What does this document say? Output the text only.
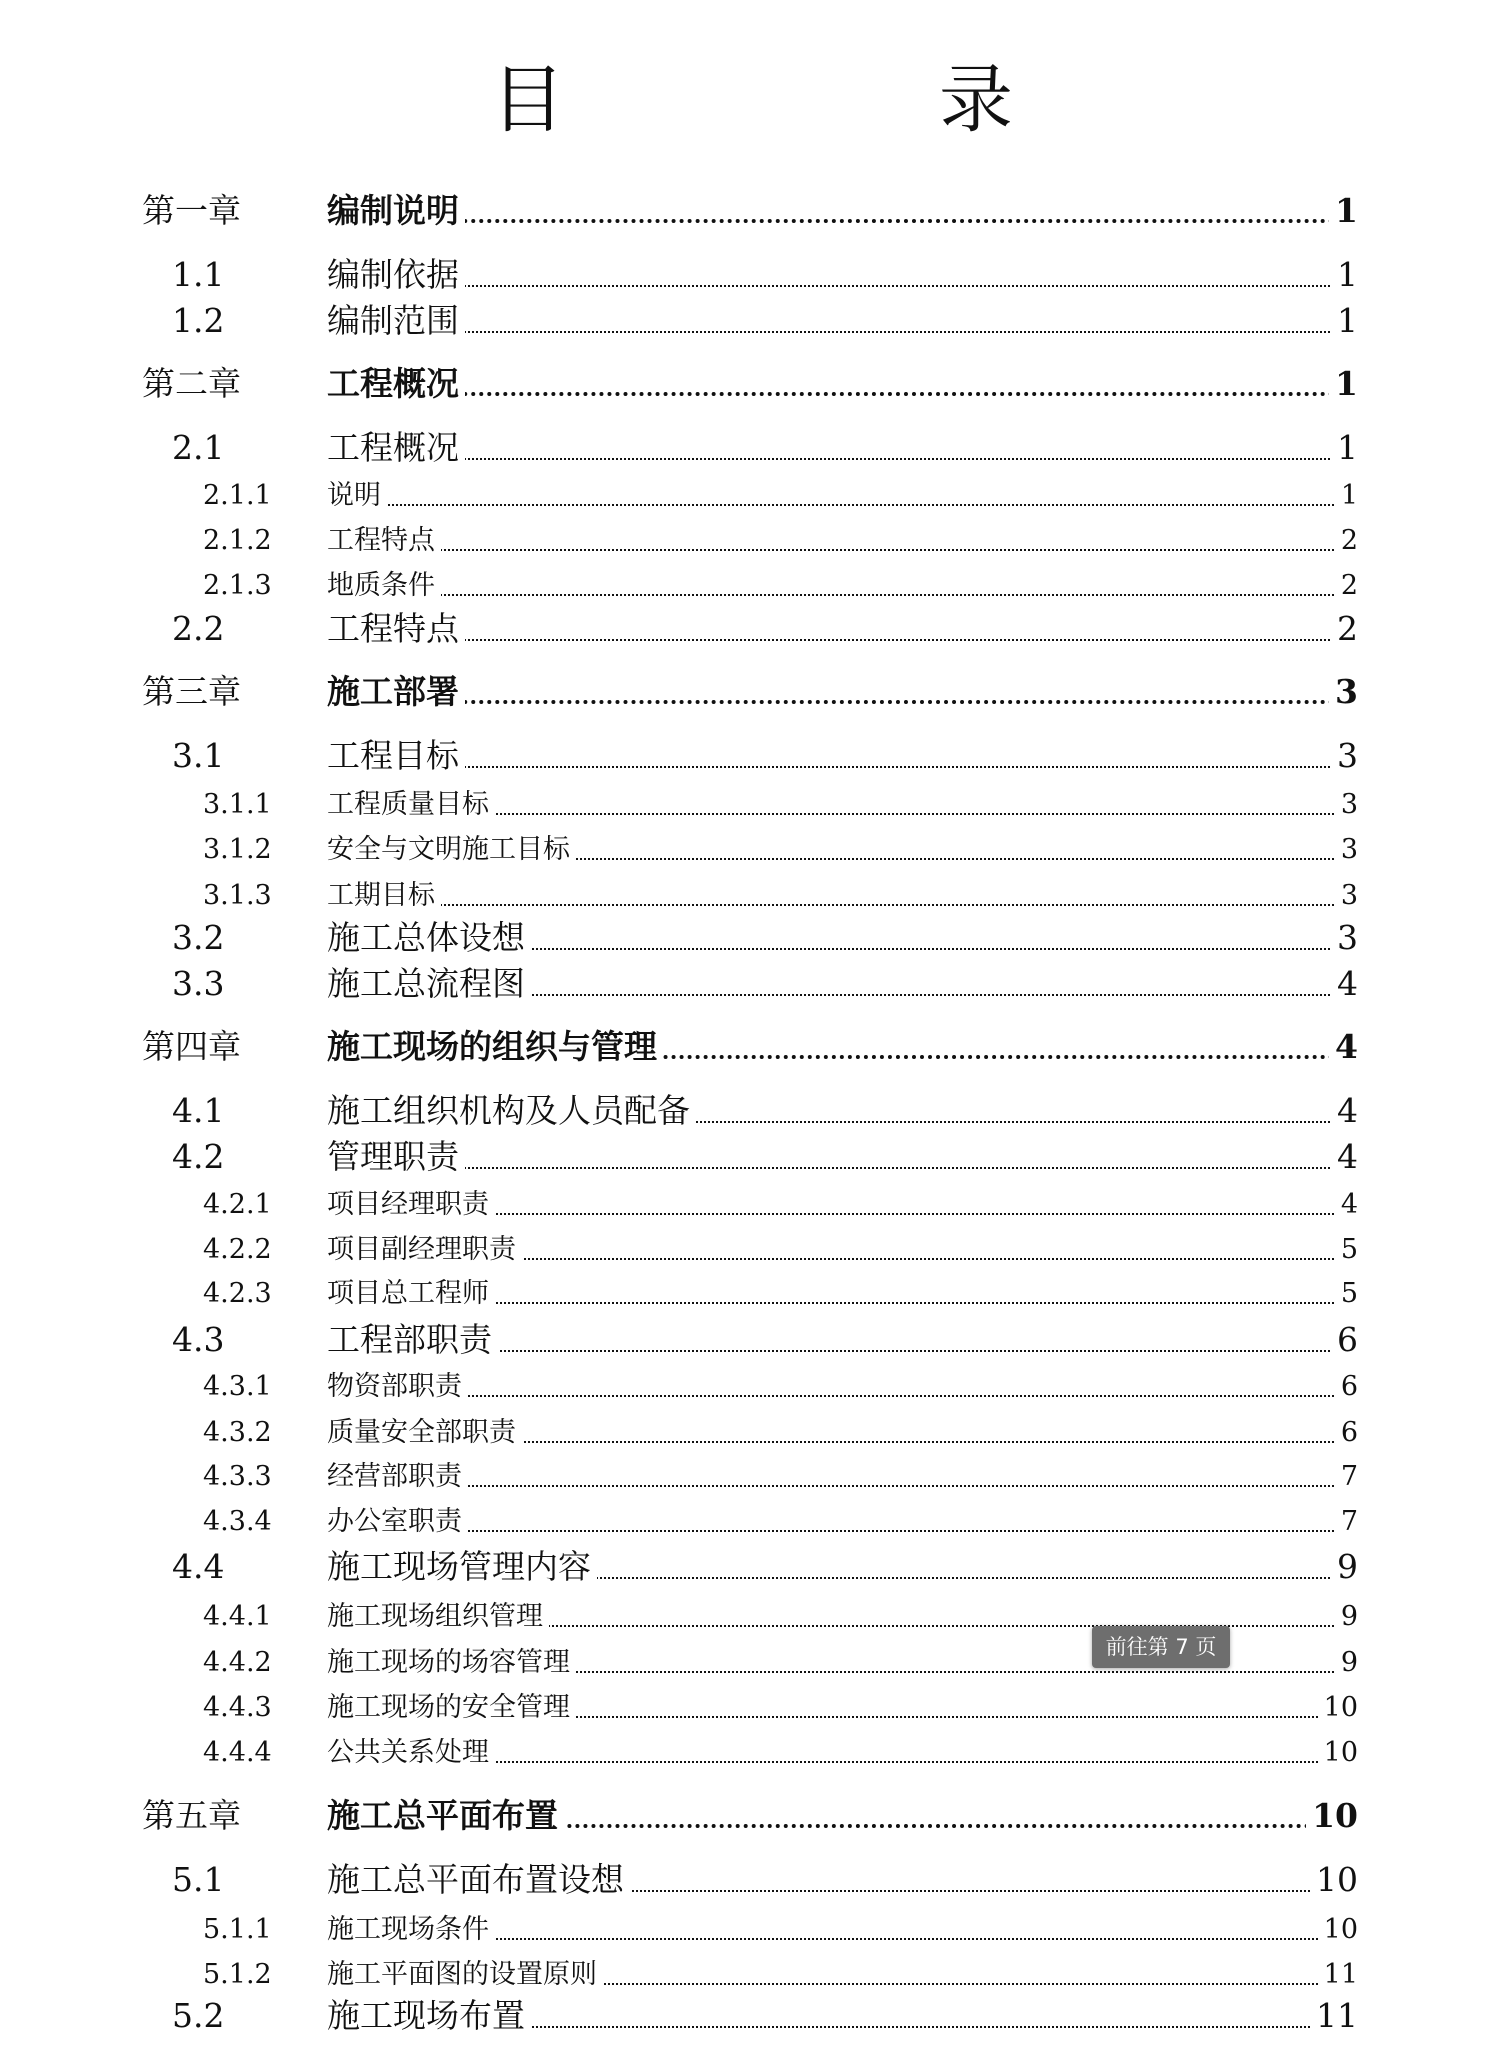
目　录
第一章	编制说明	1
1.1	编制依据	1
1.2	编制范围	1
第二章	工程概况	1
2.1	工程概况	1
2.1.1 说明	1
2.1.2 工程特点	2
2.1.3 地质条件	2
2.2	工程特点	2
第三章	施工部署	3
3.1	工程目标	3
3.1.1 工程质量目标	3
3.1.2 安全与文明施工目标	3
3.1.3 工期目标	3
3.2	施工总体设想	3
3.3	施工总流程图	4
第四章	施工现场的组织与管理	4
4.1	施工组织机构及人员配备	4
4.2	管理职责	4
4.2.1 项目经理职责	4
4.2.2 项目副经理职责	5
4.2.3 项目总工程师	5
4.3	工程部职责	6
4.3.1 物资部职责	6
4.3.2 质量安全部职责	6
4.3.3 经营部职责	7
4.3.4 办公室职责	7
4.4	施工现场管理内容	9
4.4.1 施工现场组织管理	9
4.4.2 施工现场的场容管理	9
4.4.3 施工现场的安全管理	10
4.4.4 公共关系处理	10
第五章	施工总平面布置	10
5.1	施工总平面布置设想	10
5.1.1 施工现场条件	10
5.1.2 施工平面图的设置原则	11
5.2	施工现场布置	11
前往第 7 页
